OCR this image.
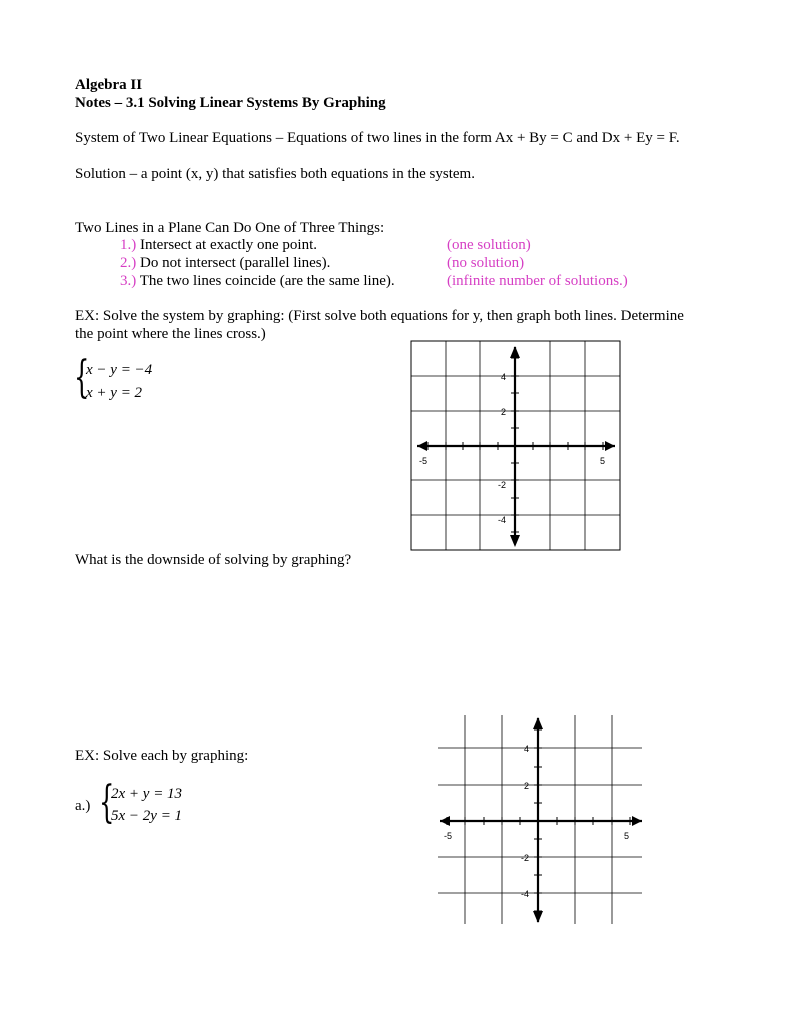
Algebra II
Notes – 3.1 Solving Linear Systems By Graphing
System of Two Linear Equations – Equations of two lines in the form Ax + By = C and Dx + Ey = F.
Solution – a point (x, y) that satisfies both equations in the system.
Two Lines in a Plane Can Do One of Three Things:
1.) Intersect at exactly one point.	(one solution)
2.) Do not intersect (parallel lines).	(no solution)
3.) The two lines coincide (are the same line).	(infinite number of solutions.)
EX: Solve the system by graphing: (First solve both equations for y, then graph both lines. Determine
the point where the lines cross.)
{
x − y = −4
x + y = 2
-5	5
4
2
-2
-4
What is the downside of solving by graphing?
EX: Solve each by graphing:
a.) {
2x + y = 13
5x − 2y = 1
-5	5
4
2
-2
-4
